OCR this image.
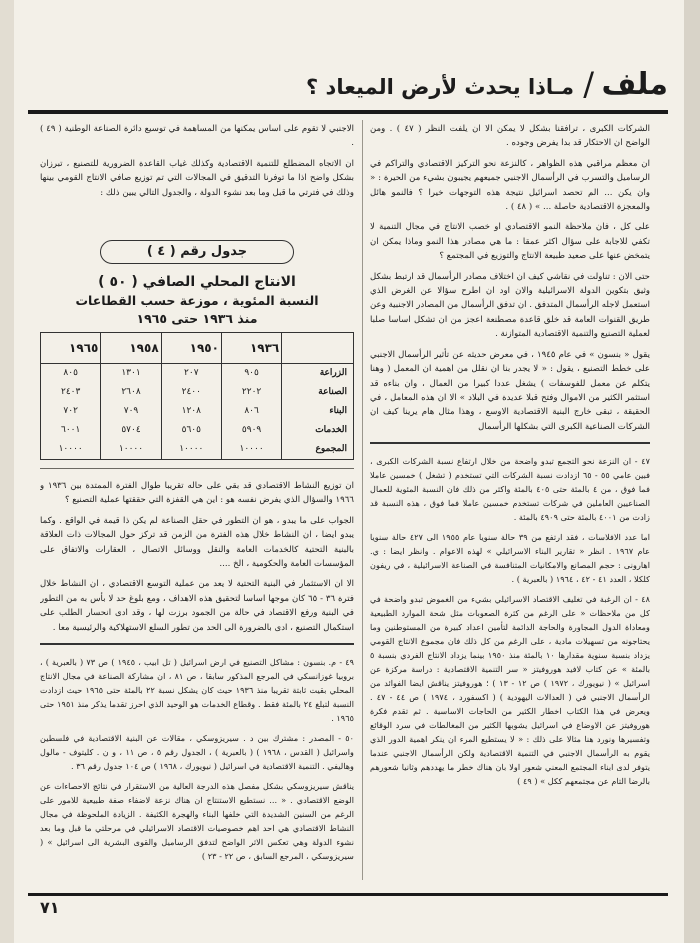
ملف
/
مـاذا يحدث لأرض الميعاد ؟

الشركات الكبرى ، ترافقنا بشكل لا يمكن الا ان يلفت النظر ( ٤٧ ) . ومن الواضح ان الاحتكار قد بدا يفرض وجوده .

ان معظم مراقبي هذه الظواهر ، كالنزعة نحو التركيز الاقتصادي والتراكم في الرساميل والتسرب في الرأسمال الاجنبي جميعهم يجيبون بشيء من الحيرة : « وان يكن ... الم تحصد اسرائيل نتيجة هذه التوجهات خيرا ؟ فالنمو هائل والمعجزة الاقتصادية حاصلة ... » ( ٤٨ ) .

على كل ، فان ملاحظة النمو الاقتصادي او خصب الانتاج في مجال التنمية لا تكفي للاجابة على سؤال اكثر عمقا : ما هي مصادر هذا النمو وماذا يمكن ان يتمخض عنها على صعيد طبيعة الانتاج والتوزيع في المجتمع ؟

حتى الان : تناولت في نقاشي كيف ان اختلاف مصادر الرأسمال قد ارتبط بشكل وثيق بتكوين الدولة الاسرائيلية والان اود ان اطرح سؤالا عن الغرض الذي استعمل لاجله الرأسمال المتدفق . ان تدفق الرأسمال من المصادر الاجنبية وعن طريق القنوات العامة قد خلق قاعدة مصطنعة اعجز من ان تشكل اساسا صلبا لعملية التصنيع والتنمية الاقتصادية المتوازنة .

يقول « بنسون » في عام ١٩٤٥ ، في معرض حديثه عن تأثير الرأسمال الاجنبي على خطط التصنيع ، يقول : « لا يجدر بنا ان نقلل من اهمية ان المعمل ( وهنا يتكلم عن معمل للفوسفات ) يشغل عددا كبيرا من العمال ، وان بناءه قد استثمر الكثير من الاموال وفتح قبلا عديدة في البلاد » الا ان هذه المعامل ، في الحقيقة ، تبقى خارج البنية الاقتصادية الاوسع ، وهذا مثال هام يرينا كيف ان الشركات الصناعية الكبرى التي بشكلها الرأسمال

٤٧ - ان النزعة نحو التجمع تبدو واضحة من خلال ارتفاع نسبة الشركات الكبرى ، فبين عامي ٥٥ - ٦٥ ازدادت نسبة الشركات التي تستخدم ( تشغل ) خمسين عاملا فما فوق ، من ٤ بالمئة حتى ٤٠٥ بالمئة واكثر من ذلك فان النسبة المئوية للعمال الصناعيين العاملين في شركات تستخدم خمسين عاملا فما فوق ، هذه النسبة قد زادت من ٤٠٠١ بالمئة حتى ٤٩٠٩ بالمئة .

اما عدد الافلاسات ، فقد ارتفع من ٣٩ حالة سنويا عام ١٩٥٥ الى ٤٢٧ حالة سنويا عام ١٩٦٧ . انظر « تقارير البناء الاسرائيلي » لهذه الاعوام . وانظر ايضا : ي. اهارونى : حجم المصانع والامكانيات المتنافسة في الصناعة الاسرائيلية ، في ريفون كلكلا ، العدد ٤١ - ٤٢ ، ١٩٦٤ ( بالعبرية ) .

٤٨ - ان الرغبة في تغليف الاقتصاد الاسرائيلي بشيء من الغموض تبدو واضحة في كل من ملاحظات « على الرغم من كثرة الصعوبات مثل شحة الموارد الطبيعية ومعاداة الدول المجاورة والحاجة الدائمة لتأمين اعداد كبيرة من المستوطنين وما يحتاجونه من تسهيلات مادية ، على الرغم من كل ذلك فان مجموع الانتاج القومي يزداد بنسبة سنوية مقدارها ١٠ بالمئة منذ ١٩٥٠ بينما يزداد الانتاج الفردي بنسبة ٥ بالمئة » عن كتاب لافيد هوروفيتز « سر التنمية الاقتصادية : دراسة مركزة عن اسرائيل » ( نيويورك ، ١٩٧٢ ) ص ١٢ - ١٣ ) ؛ هوروفيتز يناقش ايضا الفوائد من الرأسمال الاجنبي في ( العدالات اليهودية ) ( اكسفورد ، ١٩٧٤ ) ص ٤٤ - ٤٧ . ويعرض في هذا الكتاب اخطار الكثير من الحاجات الاساسية . ثم تقدم فكرة هوروفيتز عن الاوضاع في اسرائيل يشوبها الكثير من المغالطات في سرد الوقائع وتفسيرها ونورد هنا مثالا على ذلك : « لا يستطيع المرء ان ينكر اهمية الدور الذي يقوم به الرأسمال الاجنبي في التنمية الاقتصادية ولكن الرأسمال الاجنبي عندما يتوفر لدى ابناء المجتمع المعني شعور اولا بان هناك خطر ما يهددهم وثانيا شعورهم بالرضا التام عن مجتمعهم ككل » ( ٤٩ )

الاجنبي لا تقوم على اساس يمكنها من المساهمة في توسيع دائرة الصناعة الوطنية ( ٤٩ ) .

ان الاتجاه المضطلع للتنمية الاقتصادية وكذلك غياب القاعدة الضرورية للتصنيع ، تبرزان بشكل واضح اذا ما توفرنا التدقيق في المجالات التي تم توزيع صافي الانتاج القومي بينها وذلك في فترتي ما قبل وما بعد نشوء الدولة ، والجدول التالي يبين ذلك :

جدول رقم ( ٤ )
الانتاج المحلي الصافي ( ٥٠ )
النسبة المئوية ، موزعة حسب القطاعات
منذ ١٩٣٦ حتى ١٩٦٥
	١٩٣٦	١٩٥٠	١٩٥٨	١٩٦٥
الزراعة	٩٠٥	٢٠٧	١٣٠١	٨٠٥
الصناعة	٢٢٠٢	٢٤٠٠	٢٦٠٨	٢٤٠٣
البناء	٨٠٦	١٢٠٨	٧٠٩	٧٠٢
الخدمات	٥٩٠٩	٥٦٠٥	٥٧٠٤	٦٠٠١
المجموع	١٠٠٠٠	١٠٠٠٠	١٠٠٠٠	١٠٠٠٠

ان توزيع النشاط الاقتصادي قد بقي على حاله تقريبا طوال الفترة الممتدة بين ١٩٣٦ و ١٩٦٦ والسؤال الذي يفرض نفسه هو : اين هي القفزة التي حققتها عملية التصنيع ؟

الجواب على ما يبدو ، هو ان التطور في حقل الصناعة لم يكن ذا قيمة في الواقع . وكما يبدو ايضا ، ان النشاط خلال هذه الفترة من الزمن قد تركز حول المجالات ذات العلاقة بالبنية التحتية كالخدمات العامة والنقل ووسائل الاتصال ، العقارات والاتفاق على المؤسسات العامة والحكومية ، الخ ....

الا ان الاستثمار في البنية التحتية لا يعد من عملية التوسع الاقتصادي ، ان النشاط خلال فترة ٣٦ - ٦٥ كان موجها اساسا لتحقيق هذه الاهداف ، ومع بلوغ حد لا بأس به من التطور في البنية ورفع الاقتصاد في حالة من الجمود برزت لها ، وقد ادى انحسار الطلب على استكمال التصنيع ، ادى بالضرورة الى الحد من تطور السلع الاستهلاكية والرئيسية معا .

٤٩ - م. بنسون : مشاكل التصنيع في ارض اسرائيل ( تل ابيب ، ١٩٤٥ ) ص ٧٣ ( بالعبرية ) ، بروبيا غوزانسكي في المرجع المذكور سابقا ، ص ٨١ ، ان مشاركة الصناعة في مجال الانتاج المحلي بقيت ثابتة تقريبا منذ ١٩٣٦ حيث كان يشكل نسبة ٢٢ بالمئة حتى ١٩٦٥ حيث ازدادت النسبة لتبلغ ٢٤ بالمئة فقط . وقطاع الخدمات هو الوحيد الذي احرز تقدما يذكر منذ ١٩٥١ حتى ١٩٦٥ .

٥٠ - المصدر : مشترك بين د . سيريزوسكي ، مقالات عن البنية الاقتصادية في فلسطين واسرائيل ( القدس ، ١٩٦٨ ) ( بالعبرية ) ، الجدول رقم ٥ ، ص ١١ ، و ن . كليتوف - مالول وهاليفي . التنمية الاقتصادية في اسرائيل ( نيويورك ، ١٩٦٨ ) ص ١٠٤ جدول رقم ٣٦ .

يناقش سيريزوسكي بشكل مفصل هذه الدرجة العالية من الاستقرار في نتائج الاحصاءات عن الوضع الاقتصادي . « ... نستطيع الاستنتاج ان هناك نزعة لاضفاء صفة طبيعية للامور على الرغم من السنين الشديدة التي خلفها البناء والهجرة الكثيفة . الزيادة الملحوظة في مجال النشاط الاقتصادي هي احد اهم خصوصيات الاقتصاد الاسرائيلي في مرحلتي ما قبل وما بعد نشوء الدولة وهي تعكس الاثر الواضح لتدفق الرساميل والقوى البشرية الى اسرائيل » ( سيريزوسكي ، المرجع السابق ، ص ٢٢ - ٢٣ )

٧١
